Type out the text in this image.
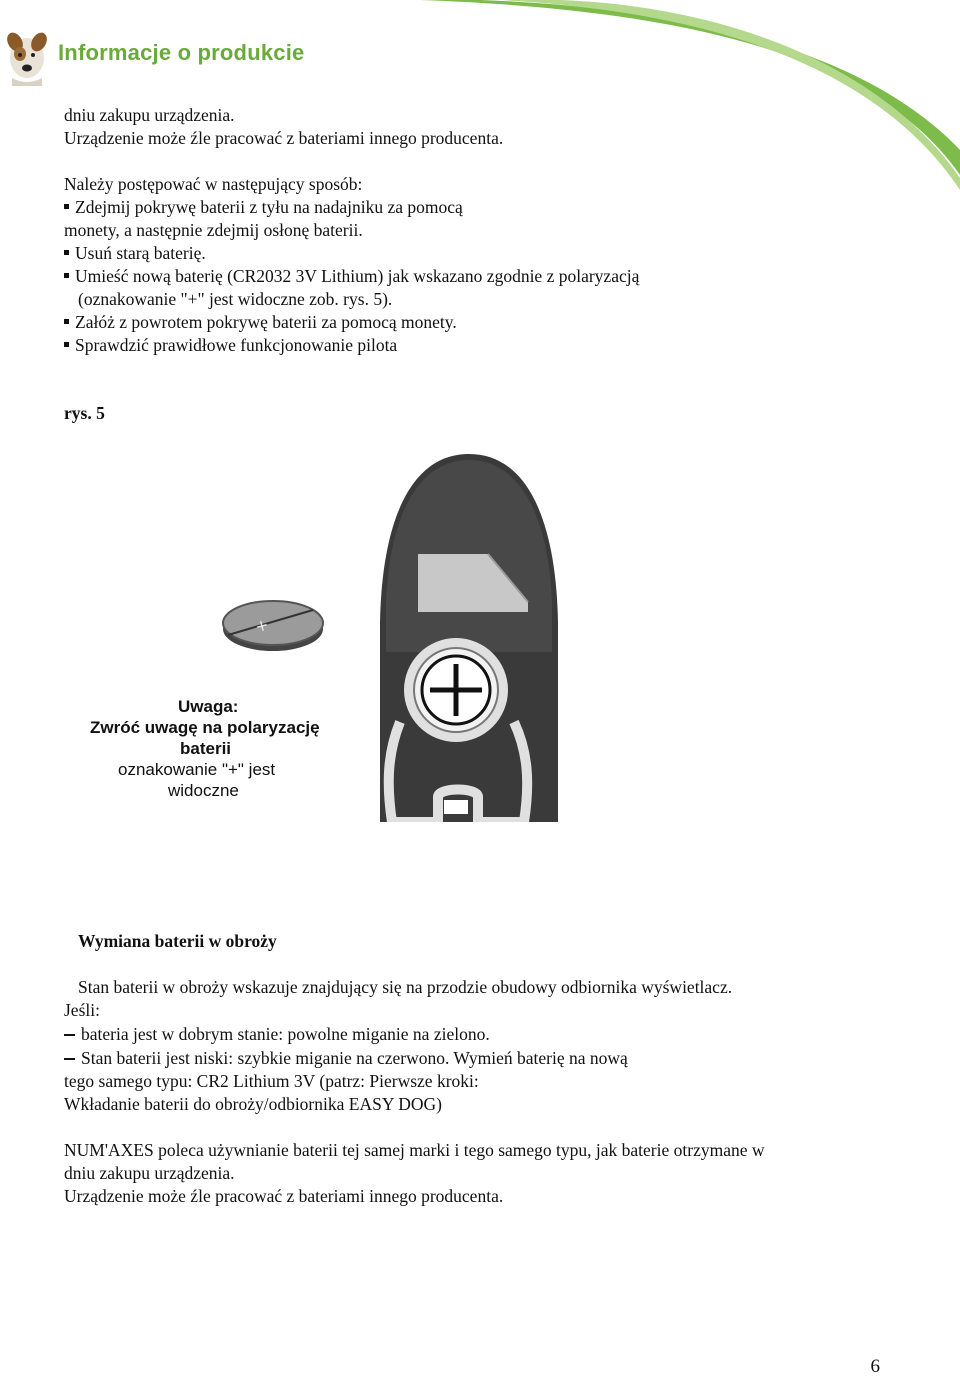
Informacje o produkcie
dniu zakupu urządzenia.
Urządzenie może źle pracować z bateriami innego producenta.
Należy postępować w następujący sposób:
Zdejmij pokrywę baterii z tyłu na nadajniku za pomocą
monety, a następnie zdejmij osłonę baterii.
Usuń starą baterię.
Umieść nową baterię (CR2032 3V Lithium) jak wskazano zgodnie z polaryzacją
(oznakowanie "+" jest widoczne zob. rys. 5).
Załóż z powrotem pokrywę baterii za pomocą monety.
Sprawdzić prawidłowe funkcjonowanie pilota
rys. 5
+
Uwaga:
Zwróć uwagę na polaryzację
baterii
oznakowanie "+" jest
widoczne
Wymiana baterii w obroży
Stan baterii w obroży wskazuje znajdujący się na przodzie obudowy odbiornika wyświetlacz.
Jeśli:
bateria jest w dobrym stanie: powolne miganie na zielono.
Stan baterii jest niski: szybkie miganie na czerwono. Wymień baterię na nową
tego samego typu: CR2 Lithium 3V (patrz: Pierwsze kroki:
Wkładanie baterii do obroży/odbiornika EASY DOG)
NUM'AXES poleca używnianie baterii tej samej marki i tego samego typu, jak baterie otrzymane w
dniu zakupu urządzenia.
Urządzenie może źle pracować z bateriami innego producenta.
6
